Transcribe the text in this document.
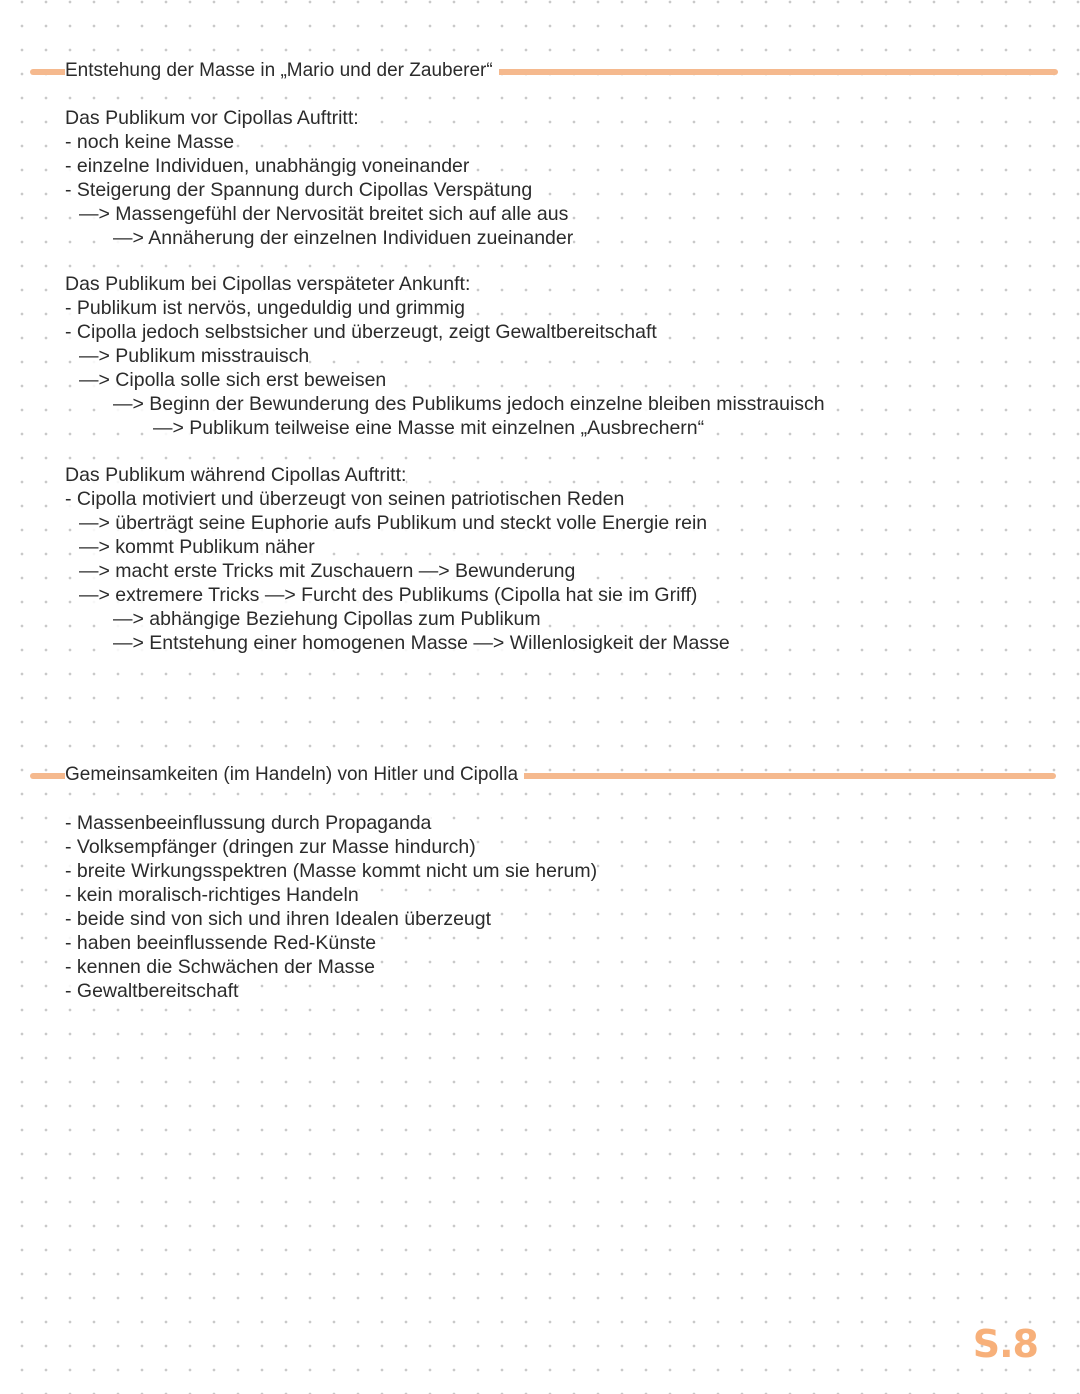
Entstehung der Masse in „Mario und der Zauberer“
Das Publikum vor Cipollas Auftritt:
- noch keine Masse
- einzelne Individuen, unabhängig voneinander
- Steigerung der Spannung durch Cipollas Verspätung
—> Massengefühl der Nervosität breitet sich auf alle aus
—> Annäherung der einzelnen Individuen zueinander
Das Publikum bei Cipollas verspäteter Ankunft:
- Publikum ist nervös, ungeduldig und grimmig
- Cipolla jedoch selbstsicher und überzeugt, zeigt Gewaltbereitschaft
—> Publikum misstrauisch
—> Cipolla solle sich erst beweisen
—> Beginn der Bewunderung des Publikums jedoch einzelne bleiben misstrauisch
—> Publikum teilweise eine Masse mit einzelnen „Ausbrechern“
Das Publikum während Cipollas Auftritt:
- Cipolla motiviert und überzeugt von seinen patriotischen Reden
—> überträgt seine Euphorie aufs Publikum und steckt volle Energie rein
—> kommt Publikum näher
—> macht erste Tricks mit Zuschauern —> Bewunderung
—> extremere Tricks —> Furcht des Publikums (Cipolla hat sie im Griff)
—> abhängige Beziehung Cipollas zum Publikum
—> Entstehung einer homogenen Masse —> Willenlosigkeit der Masse
Gemeinsamkeiten (im Handeln) von Hitler und Cipolla
- Massenbeeinflussung durch Propaganda
- Volksempfänger (dringen zur Masse hindurch)
- breite Wirkungsspektren (Masse kommt nicht um sie herum)
- kein moralisch-richtiges Handeln
- beide sind von sich und ihren Idealen überzeugt
- haben beeinflussende Red-Künste
- kennen die Schwächen der Masse
- Gewaltbereitschaft
S.8
